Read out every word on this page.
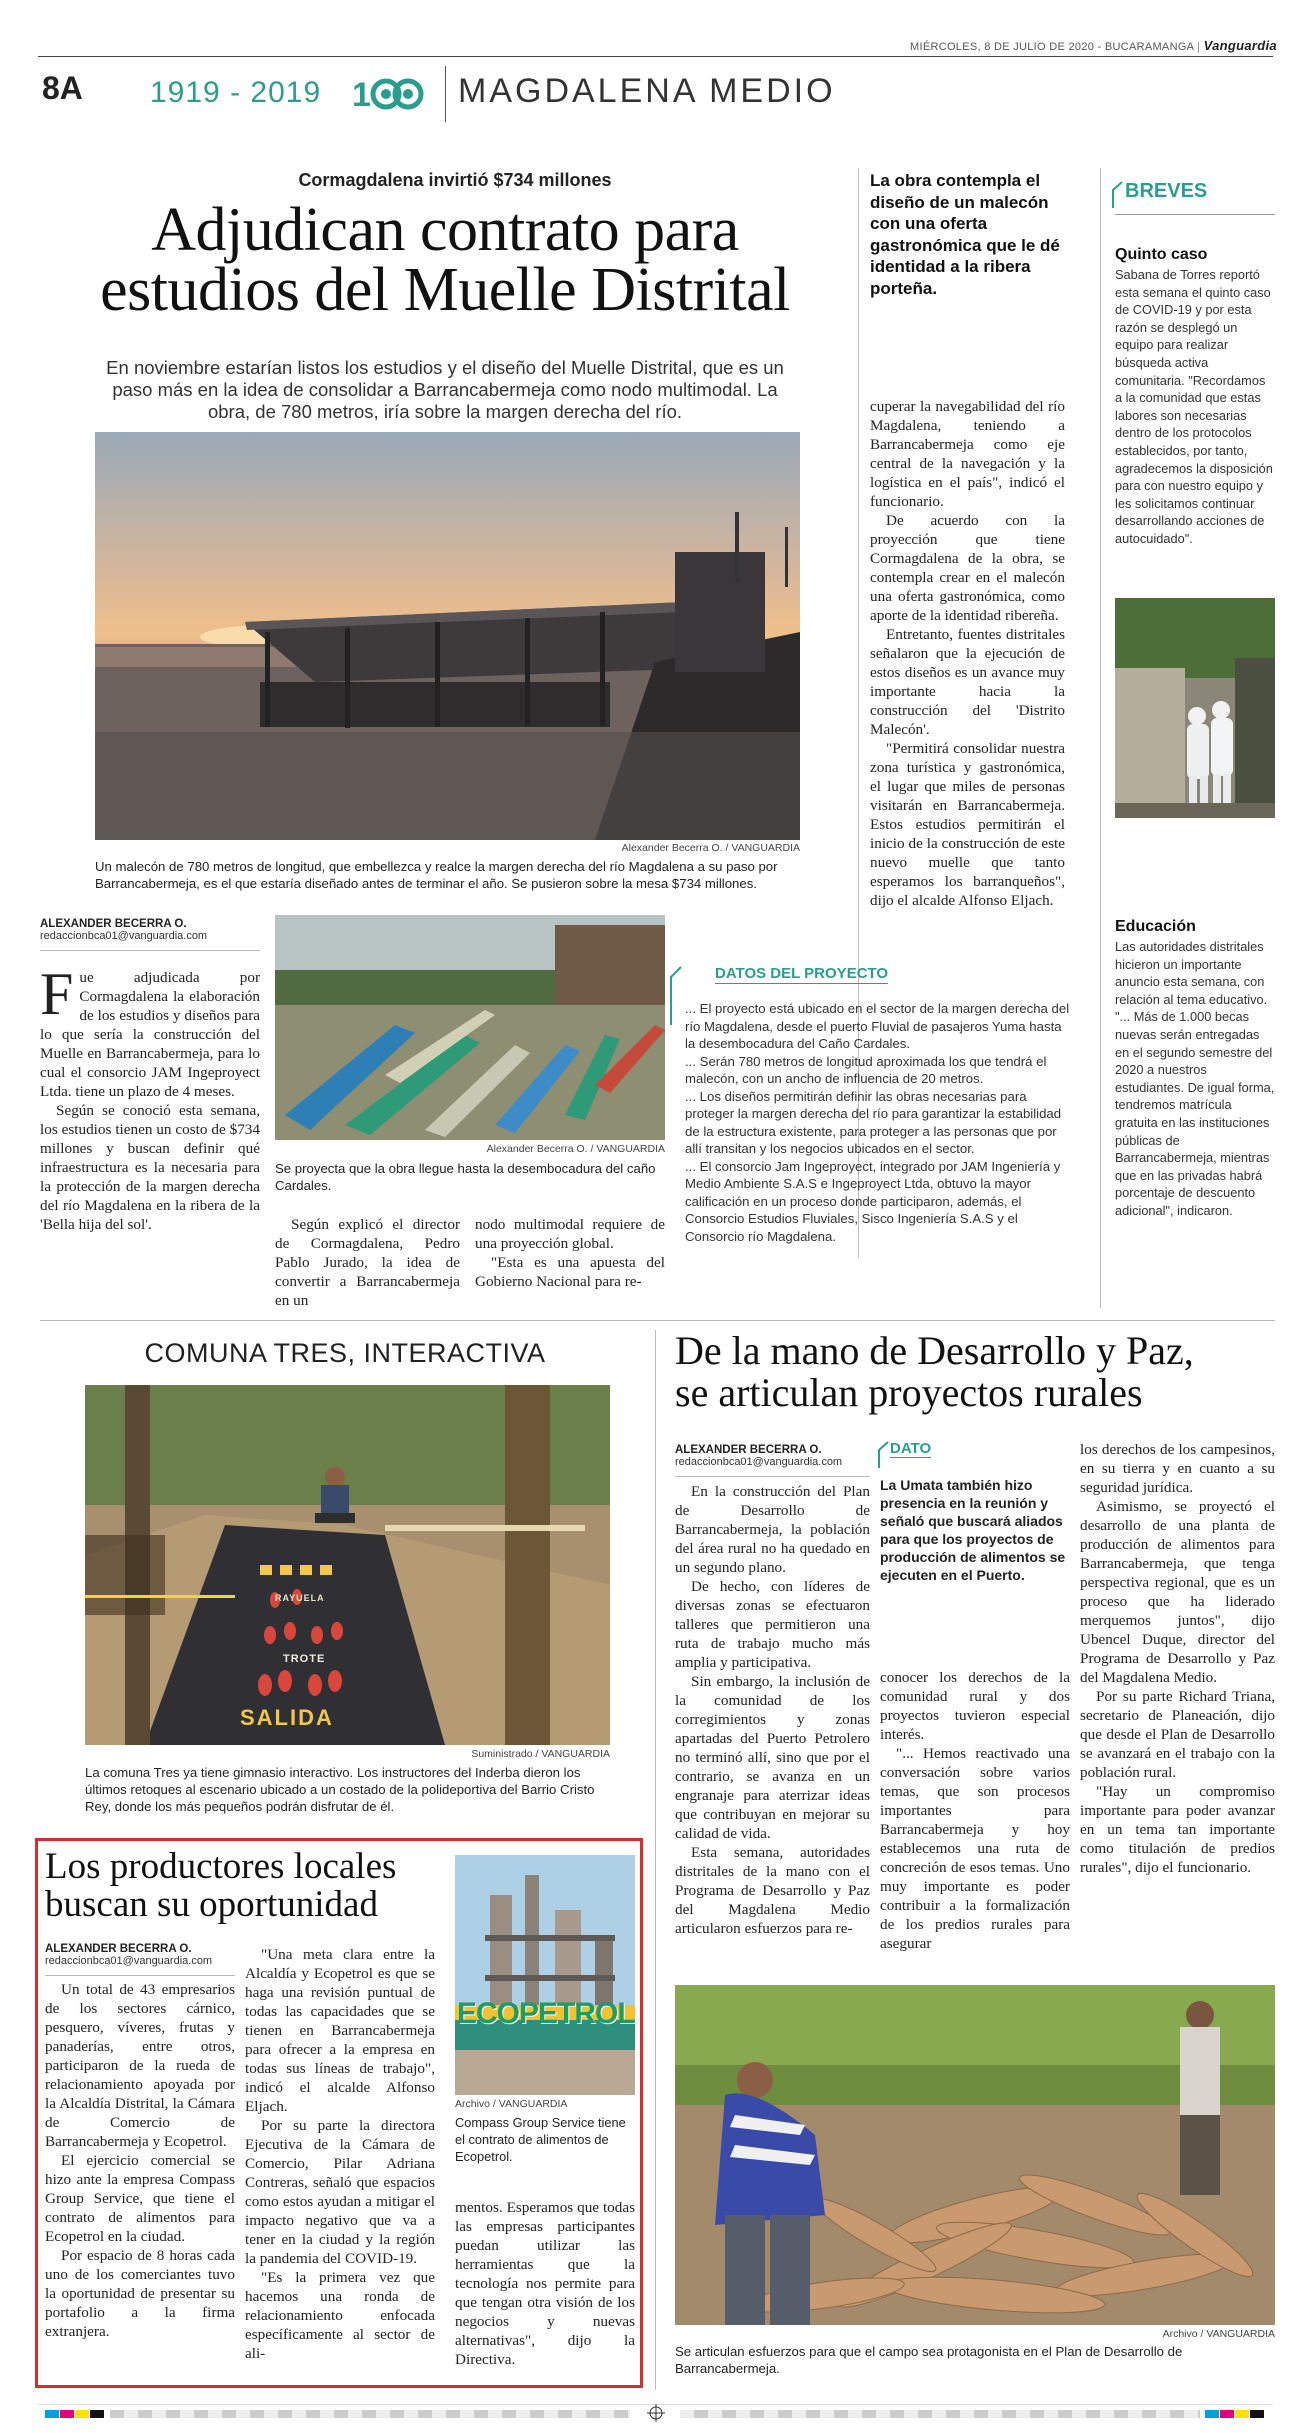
MIÉRCOLES, 8 DE JULIO DE 2020 - BUCARAMANGA | Vanguardia
8A 1919 - 2019 1	MAGDALENA MEDIO
Cormagdalena invirtió $734 millones
Adjudican contrato para
estudios del Muelle Distrital
En noviembre estarían listos los estudios y el diseño del Muelle Distrital, que es un paso más en la idea de consolidar a Barrancabermeja como nodo multimodal. La obra, de 780 metros, iría sobre la margen derecha del río.
Alexander Becerra O. / VANGUARDIA
Un malecón de 780 metros de longitud, que embellezca y realce la margen derecha del río Magdalena a su paso por Barrancabermeja, es el que estaría diseñado antes de terminar el año. Se pusieron sobre la mesa $734 millones.
ALEXANDER BECERRA O.
redaccionbca01@vanguardia.com

Fue adjudicada por Cormagdalena la elaboración de los estudios y diseños para lo que sería la construcción del Muelle en Barrancabermeja, para lo cual el consorcio JAM Ingeproyect Ltda. tiene un plazo de 4 meses.

Según se conoció esta semana, los estudios tienen un costo de $734 millones y buscan definir qué infraestructura es la necesaria para la protección de la margen derecha del río Magdalena en la ribera de la 'Bella hija del sol'.

Alexander Becerra O. / VANGUARDIA
Se proyecta que la obra llegue hasta la desembocadura del caño Cardales.
Según explicó el director de Cormagdalena, Pedro Pablo Jurado, la idea de convertir a Barrancabermeja en un

nodo multimodal requiere de una proyección global.

"Esta es una apuesta del Gobierno Nacional para re-

La obra contempla el diseño de un malecón con una oferta gastronómica que le dé identidad a la ribera porteña.

cuperar la navegabilidad del río Magdalena, teniendo a Barrancabermeja como eje central de la navegación y la logística en el país", indicó el funcionario.

De acuerdo con la proyección que tiene Cormagdalena de la obra, se contempla crear en el malecón una oferta gastronómica, como aporte de la identidad ribereña.

Entretanto, fuentes distritales señalaron que la ejecución de estos diseños es un avance muy importante hacia la construcción del 'Distrito Malecón'.

"Permitirá consolidar nuestra zona turística y gastronómica, el lugar que miles de personas visitarán en Barrancabermeja. Estos estudios permitirán el inicio de la construcción de este nuevo muelle que tanto esperamos los barranqueños", dijo el alcalde Alfonso Eljach.

DATOS DEL PROYECTO
... El proyecto está ubicado en el sector de la margen derecha del río Magdalena, desde el puerto Fluvial de pasajeros Yuma hasta la desembocadura del Caño Cardales.
... Serán 780 metros de longitud aproximada los que tendrá el malecón, con un ancho de influencia de 20 metros.
... Los diseños permitirán definir las obras necesarias para proteger la margen derecha del río para garantizar la estabilidad de la estructura existente, para proteger a las personas que por allí transitan y los negocios ubicados en el sector.
... El consorcio Jam Ingeproyect, integrado por JAM Ingeniería y Medio Ambiente S.A.S e Ingeproyect Ltda, obtuvo la mayor calificación en un proceso donde participaron, además, el Consorcio Estudios Fluviales, Sisco Ingeniería S.A.S y el Consorcio río Magdalena.
BREVES
Quinto caso
Sabana de Torres reportó esta semana el quinto caso de COVID-19 y por esta razón se desplegó un equipo para realizar búsqueda activa comunitaria. "Recordamos a la comunidad que estas labores son necesarias dentro de los protocolos establecidos, por tanto, agradecemos la disposición para con nuestro equipo y les solicitamos continuar desarrollando acciones de autocuidado".
Educación
Las autoridades distritales hicieron un importante anuncio esta semana, con relación al tema educativo. "... Más de 1.000 becas nuevas serán entregadas en el segundo semestre del 2020 a nuestros estudiantes. De igual forma, tendremos matrícula gratuita en las instituciones públicas de Barrancabermeja, mientras que en las privadas habrá porcentaje de descuento adicional", indicaron.
COMUNA TRES, INTERACTIVA
RAYUELA
TROTE
SALIDA
Suministrado / VANGUARDIA
La comuna Tres ya tiene gimnasio interactivo. Los instructores del Inderba dieron los últimos retoques al escenario ubicado a un costado de la polideportiva del Barrio Cristo Rey, donde los más pequeños podrán disfrutar de él.
De la mano de Desarrollo y Paz,
se articulan proyectos rurales
ALEXANDER BECERRA O.
redaccionbca01@vanguardia.com

En la construcción del Plan de Desarrollo de Barrancabermeja, la población del área rural no ha quedado en un segundo plano.

De hecho, con líderes de diversas zonas se efectuaron talleres que permitieron una ruta de trabajo mucho más amplia y participativa.

Sin embargo, la inclusión de la comunidad de los corregimientos y zonas apartadas del Puerto Petrolero no terminó allí, sino que por el contrario, se avanza en un engranaje para aterrizar ideas que contribuyan en mejorar su calidad de vida.

Esta semana, autoridades distritales de la mano con el Programa de Desarrollo y Paz del Magdalena Medio articularon esfuerzos para re-

DATO
La Umata también hizo presencia en la reunión y señaló que buscará aliados para que los proyectos de producción de alimentos se ejecuten en el Puerto.

conocer los derechos de la comunidad rural y dos proyectos tuvieron especial interés.

"... Hemos reactivado una conversación sobre varios temas, que son procesos importantes para Barrancabermeja y hoy establecemos una ruta de concreción de esos temas. Uno muy importante es poder contribuir a la formalización de los predios rurales para asegurar

los derechos de los campesinos, en su tierra y en cuanto a su seguridad jurídica.

Asimismo, se proyectó el desarrollo de una planta de producción de alimentos para Barrancabermeja, que tenga perspectiva regional, que es un proceso que ha liderado merquemos juntos", dijo Ubencel Duque, director del Programa de Desarrollo y Paz del Magdalena Medio.

Por su parte Richard Triana, secretario de Planeación, dijo que desde el Plan de Desarrollo se avanzará en el trabajo con la población rural.

"Hay un compromiso importante para poder avanzar en un tema tan importante como titulación de predios rurales", dijo el funcionario.

Archivo / VANGUARDIA
Se articulan esfuerzos para que el campo sea protagonista en el Plan de Desarrollo de Barrancabermeja.
Los productores locales
buscan su oportunidad
ALEXANDER BECERRA O.
redaccionbca01@vanguardia.com

Un total de 43 empresarios de los sectores cárnico, pesquero, víveres, frutas y panaderías, entre otros, participaron de la rueda de relacionamiento apoyada por la Alcaldía Distrital, la Cámara de Comercio de Barrancabermeja y Ecopetrol.

El ejercicio comercial se hizo ante la empresa Compass Group Service, que tiene el contrato de alimentos para Ecopetrol en la ciudad.

Por espacio de 8 horas cada uno de los comerciantes tuvo la oportunidad de presentar su portafolio a la firma extranjera.

"Una meta clara entre la Alcaldía y Ecopetrol es que se haga una revisión puntual de todas las capacidades que se tienen en Barrancabermeja para ofrecer a la empresa en todas sus líneas de trabajo", indicó el alcalde Alfonso Eljach.

Por su parte la directora Ejecutiva de la Cámara de Comercio, Pilar Adriana Contreras, señaló que espacios como estos ayudan a mitigar el impacto negativo que va a tener en la ciudad y la región la pandemia del COVID-19.

"Es la primera vez que hacemos una ronda de relacionamiento enfocada específicamente al sector de ali-

ECOPETROL
Archivo / VANGUARDIA
Compass Group Service tiene el contrato de alimentos de Ecopetrol.
mentos. Esperamos que todas las empresas participantes puedan utilizar las herramientas que la tecnología nos permite para que tengan otra visión de los negocios y nuevas alternativas", dijo la Directiva.
